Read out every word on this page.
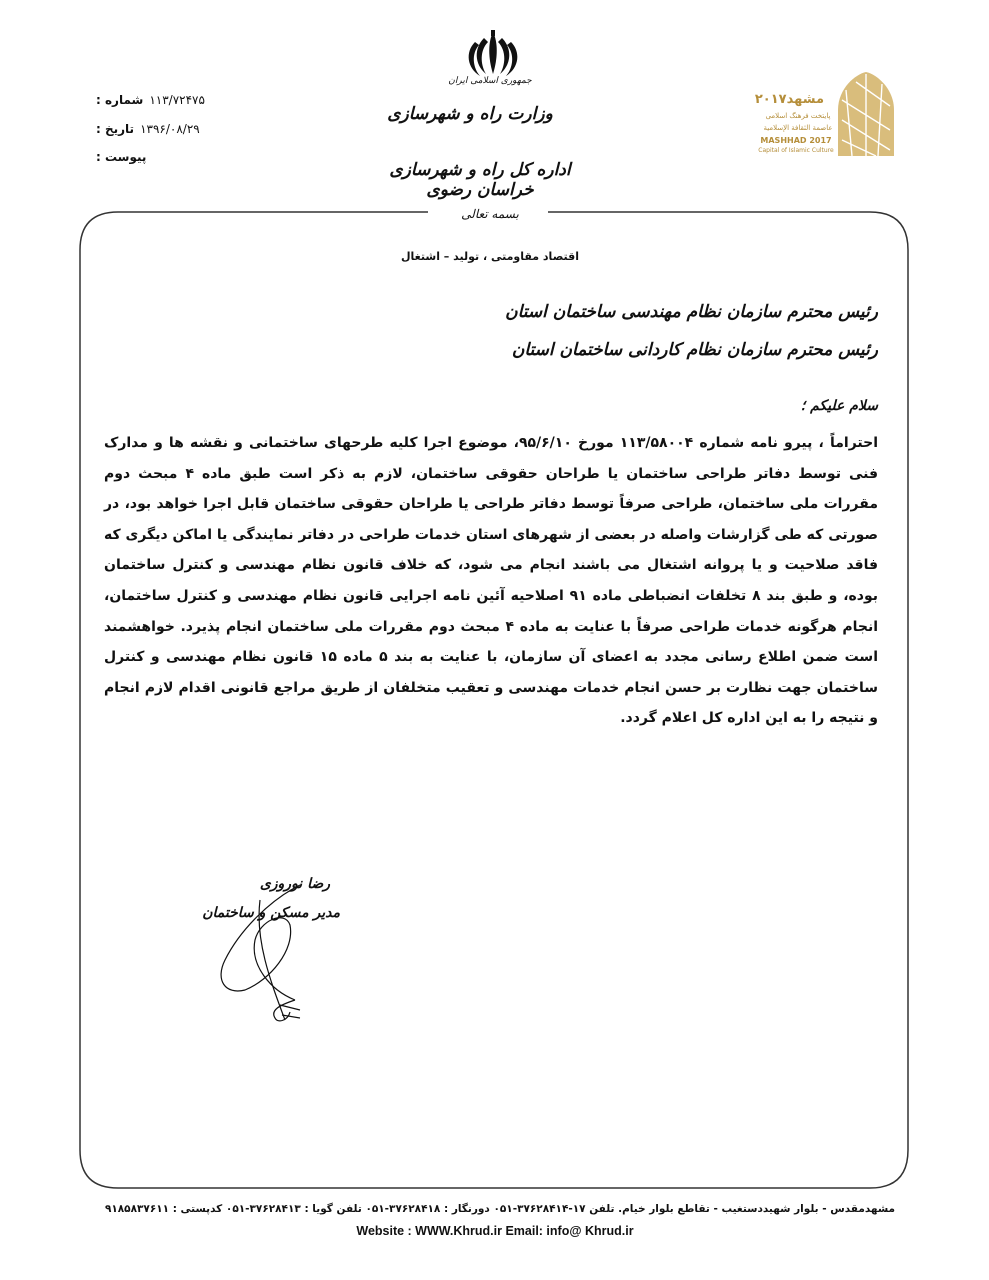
جمهوری اسلامی ایران
وزارت راه و شهرسازی
اداره کل راه و شهرسازی خراسان رضوی
شماره : ۱۱۳/۷۲۴۷۵
تاریخ : ۱۳۹۶/۰۸/۲۹
پیوست :
مشهد۲۰۱۷
پایتخت فرهنگ اسلامی
عاصمة الثقافة الإسلامية
MASHHAD 2017
Capital of Islamic Culture
بسمه تعالی
اقتصاد مقاومتی ، تولید – اشتغال
رئیس محترم سازمان نظام مهندسی ساختمان استان
رئیس محترم سازمان نظام کاردانی ساختمان استان
سلام علیکم ؛
احتراماً ، پیرو نامه شماره ۱۱۳/۵۸۰۰۴ مورخ ۹۵/۶/۱۰، موضوع اجرا کلیه طرحهای ساختمانی و نقشه ها و مدارک فنی توسط دفاتر طراحی ساختمان یا طراحان حقوقی ساختمان، لازم به ذکر است طبق ماده ۴ مبحث دوم مقررات ملی ساختمان، طراحی صرفاً توسط دفاتر طراحی یا طراحان حقوقی ساختمان قابل اجرا خواهد بود، در صورتی که طی گزارشات واصله در بعضی از شهرهای استان خدمات طراحی در دفاتر نمایندگی یا اماکن دیگری که فاقد صلاحیت و یا پروانه اشتغال می باشند انجام می شود، که خلاف قانون نظام مهندسی و کنترل ساختمان بوده، و طبق بند ۸ تخلفات انضباطی ماده ۹۱ اصلاحیه آئین نامه اجرایی قانون نظام مهندسی و کنترل ساختمان، انجام هرگونه خدمات طراحی صرفاً با عنایت به ماده ۴ مبحث دوم مقررات ملی ساختمان انجام پذیرد. خواهشمند است ضمن اطلاع رسانی مجدد به اعضای آن سازمان، با عنایت به بند ۵ ماده ۱۵ قانون نظام مهندسی و کنترل ساختمان جهت نظارت بر حسن انجام خدمات مهندسی و تعقیب متخلفان از طریق مراجع قانونی اقدام لازم انجام و نتیجه را به این اداره کل اعلام گردد.
رضا نوروزی
مدیر مسکن و ساختمان
مشهدمقدس - بلوار شهیددستغیب - تقاطع بلوار خیام. تلفن ۱۷-۳۷۶۲۸۴۱۴-۰۵۱ دورنگار : ۳۷۶۲۸۴۱۸-۰۵۱ تلفن گویا : ۳۷۶۲۸۴۱۳-۰۵۱ کدپستی : ۹۱۸۵۸۳۷۶۱۱
Website : WWW.Khrud.ir Email: info@ Khrud.ir
